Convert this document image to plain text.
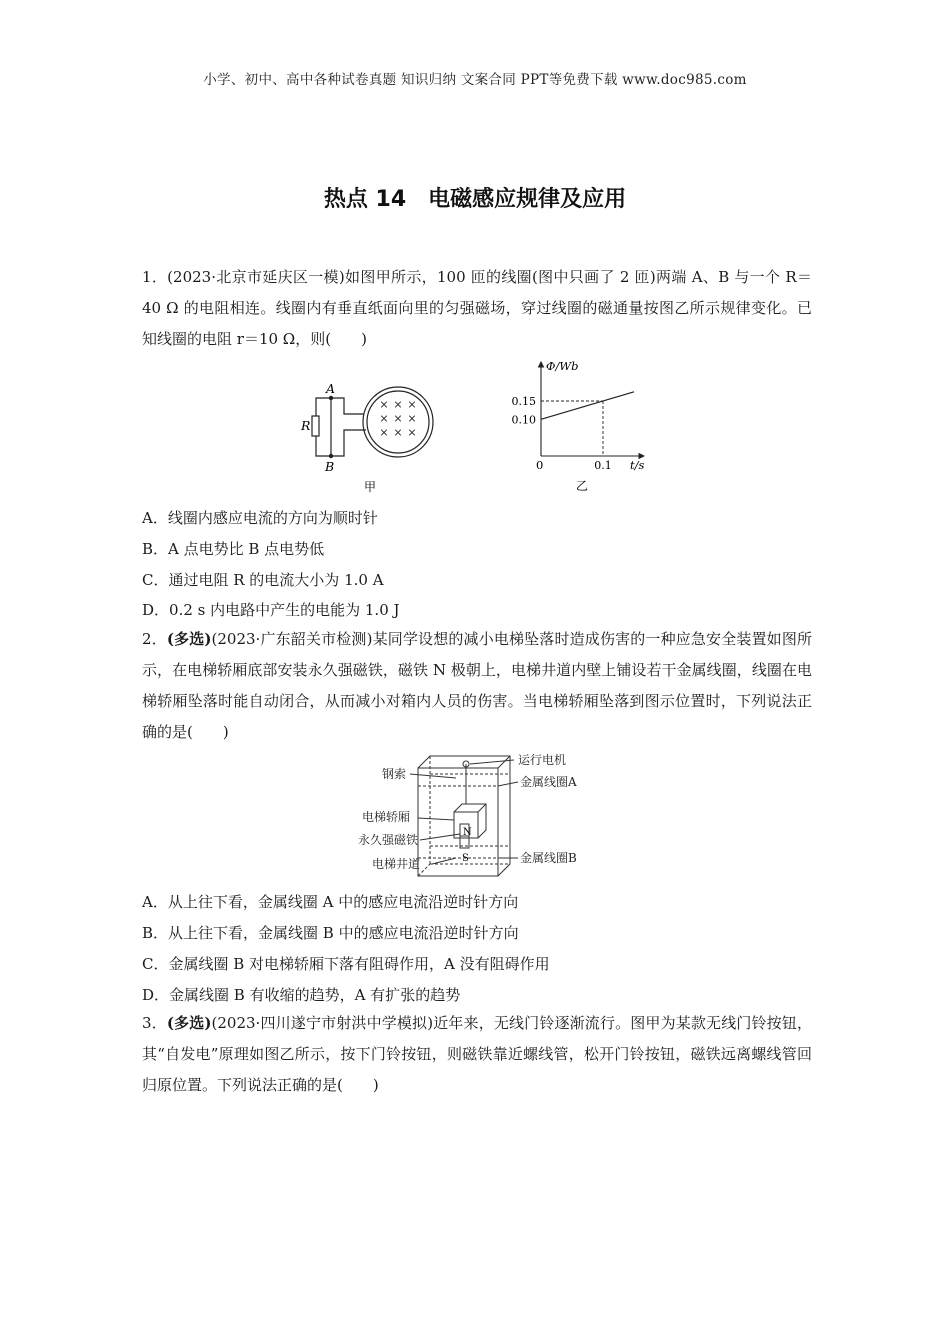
小学、初中、高中各种试卷真题 知识归纳 文案合同 PPT等免费下载 www.doc985.com
热点 14　电磁感应规律及应用
1．(2023·北京市延庆区一模)如图甲所示，100 匝的线圈(图中只画了 2 匝)两端 A、B 与一个 R＝40 Ω 的电阻相连。线圈内有垂直纸面向里的匀强磁场，穿过线圈的磁通量按图乙所示规律变化。已知线圈的电阻 r＝10 Ω，则(　　)
A
B
R
× × ×
× × ×
× × ×
甲
Φ/Wb
t/s
0
0.10
0.15
0.1
乙
A．线圈内感应电流的方向为顺时针
B．A 点电势比 B 点电势低
C．通过电阻 R 的电流大小为 1.0 A
D．0.2 s 内电路中产生的电能为 1.0 J
2．(多选)(2023·广东韶关市检测)某同学设想的减小电梯坠落时造成伤害的一种应急安全装置如图所示，在电梯轿厢底部安装永久强磁铁，磁铁 N 极朝上，电梯井道内壁上铺设若干金属线圈，线圈在电梯轿厢坠落时能自动闭合，从而减小对箱内人员的伤害。当电梯轿厢坠落到图示位置时，下列说法正确的是(　　)
N
S
钢索
运行电机
金属线圈A
电梯轿厢
永久强磁铁
电梯井道	金属线圈B
A．从上往下看，金属线圈 A 中的感应电流沿逆时针方向
B．从上往下看，金属线圈 B 中的感应电流沿逆时针方向
C．金属线圈 B 对电梯轿厢下落有阻碍作用，A 没有阻碍作用
D．金属线圈 B 有收缩的趋势，A 有扩张的趋势
3．(多选)(2023·四川遂宁市射洪中学模拟)近年来，无线门铃逐渐流行。图甲为某款无线门铃按钮，其“自发电”原理如图乙所示，按下门铃按钮，则磁铁靠近螺线管，松开门铃按钮，磁铁远离螺线管回归原位置。下列说法正确的是(　　)
